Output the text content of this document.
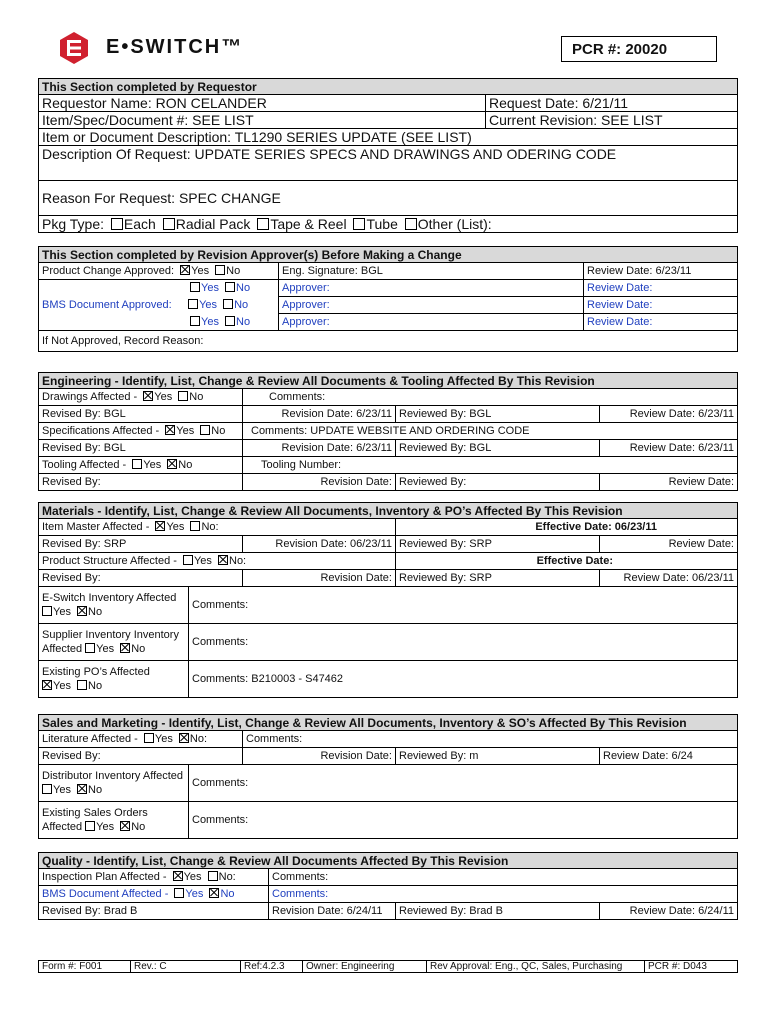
E•SWITCH™	PCR #: 20020
This Section completed by Requestor	
Requestor Name: RON CELANDER	Request Date: 6/21/11
Item/Spec/Document #: SEE LIST	Current Revision: SEE LIST
Item or Document Description: TL1290 SERIES UPDATE (SEE LIST)	
Description Of Request: UPDATE SERIES SPECS AND DRAWINGS AND ODERING CODE	
Reason For Request: SPEC CHANGE	
Pkg Type: Each Radial Pack Tape & Reel Tube Other (List):	
This Section completed by Revision Approver(s) Before Making a Change		
Product Change Approved: Yes No	Eng. Signature: BGL	Review Date: 6/23/11
Yes No	Approver:	Review Date:
BMS Document Approved: Yes No	Approver:	Review Date:
Yes No	Approver:	Review Date:
If Not Approved, Record Reason:		
Engineering - Identify, List, Change & Review All Documents & Tooling Affected By This Revision			
Drawings Affected - Yes No	Comments:		
Revised By: BGL	Revision Date: 6/23/11	Reviewed By: BGL	Review Date: 6/23/11
Specifications Affected - Yes No	Comments: UPDATE WEBSITE AND ORDERING CODE		
Revised By: BGL	Revision Date: 6/23/11	Reviewed By: BGL	Review Date: 6/23/11
Tooling Affected - Yes No	Tooling Number:		
Revised By:	Revision Date:	Reviewed By:	Review Date:
Materials - Identify, List, Change & Review All Documents, Inventory & PO’s Affected By This Revision				
Item Master Affected - Yes No:			Effective Date: 06/23/11	
Revised By: SRP		Revision Date: 06/23/11	Reviewed By: SRP	Review Date:
Product Structure Affected - Yes No:			Effective Date:	
Revised By:		Revision Date:	Reviewed By: SRP	Review Date: 06/23/11

E-Switch Inventory Affected
Yes No	Comments:			

Supplier Inventory Inventory
Affected Yes No	Comments:			

Existing PO’s Affected
Yes No	Comments: B210003 - S47462			
Sales and Marketing - Identify, List, Change & Review All Documents, Inventory & SO’s Affected By This Revision				
Literature Affected - Yes No:		Comments:		
Revised By:		Revision Date:	Reviewed By: m	Review Date: 6/24

Distributor Inventory Affected
Yes No	Comments:			

Existing Sales Orders
Affected Yes No	Comments:			
Quality - Identify, List, Change & Review All Documents Affected By This Revision			
Inspection Plan Affected - Yes No:	Comments:		
BMS Document Affected - Yes No	Comments:		
Revised By: Brad B	Revision Date: 6/24/11	Reviewed By: Brad B	Review Date: 6/24/11
Form #: F001	Rev.: C	Ref:4.2.3	Owner: Engineering	Rev Approval: Eng., QC, Sales, Purchasing	PCR #: D043
